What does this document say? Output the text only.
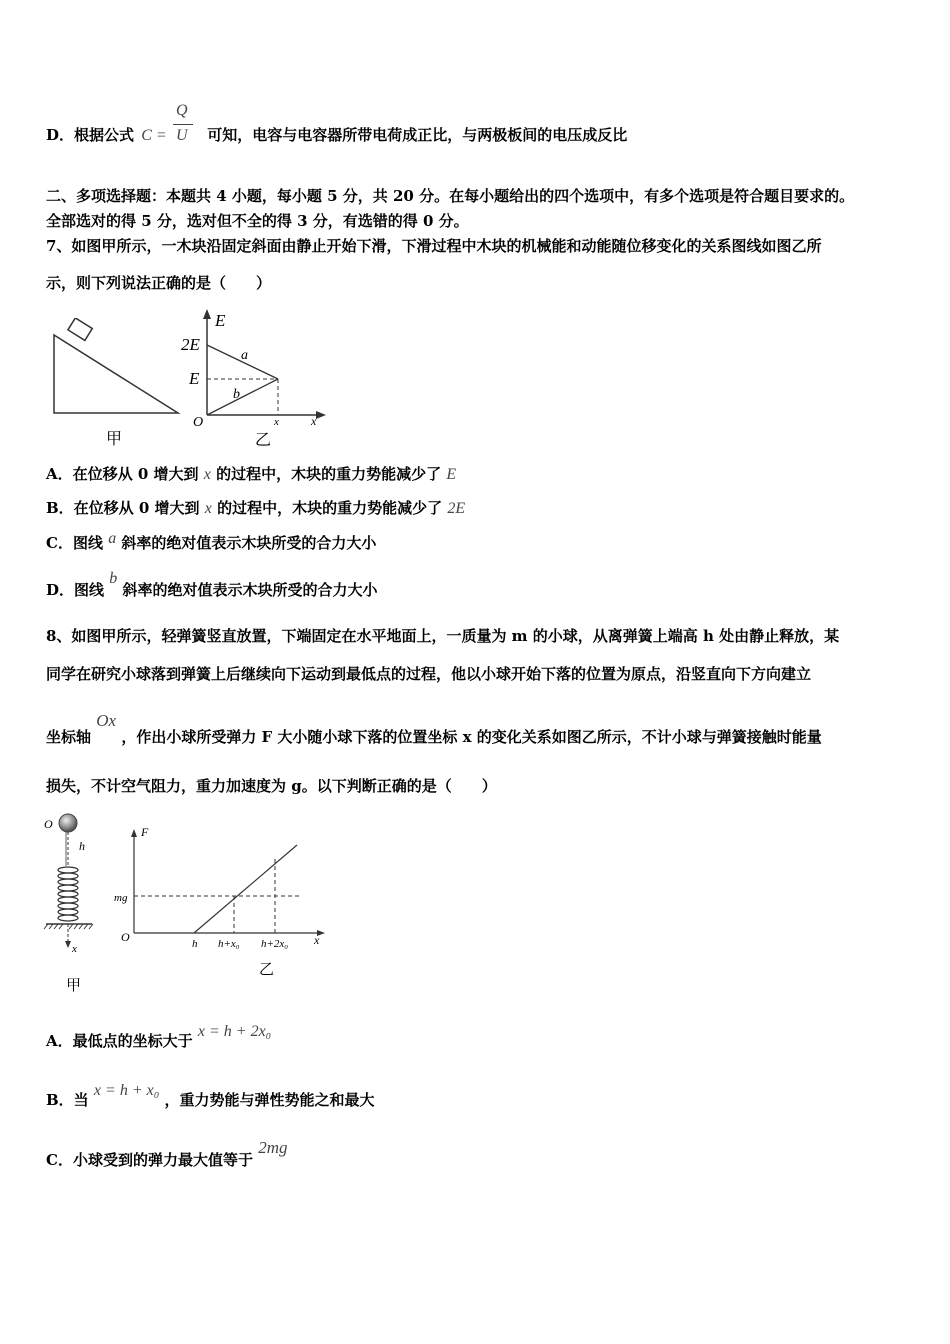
D．根据公式 C =	可知，电容与电容器所带电荷成正比，与两极板间的电压成反比
Q
U
二、多项选择题：本题共 4 小题，每小题 5 分，共 20 分。在每小题给出的四个选项中，有多个选项是符合题目要求的。
全部选对的得 5 分，选对但不全的得 3 分，有选错的得 0 分。
7、如图甲所示，一木块沿固定斜面由静止开始下滑，下滑过程中木块的机械能和动能随位移变化的关系图线如图乙所
示，则下列说法正确的是（　　）
甲
E
2E
E
a
b
O	x	x
乙
A．在位移从 0 增大到 x 的过程中，木块的重力势能减少了 E
B．在位移从 0 增大到 x 的过程中，木块的重力势能减少了 2E
C．图线 a 斜率的绝对值表示木块所受的合力大小
D．图线 b 斜率的绝对值表示木块所受的合力大小
8、如图甲所示，轻弹簧竖直放置，下端固定在水平地面上，一质量为 m 的小球，从离弹簧上端高 h 处由静止释放，某
同学在研究小球落到弹簧上后继续向下运动到最低点的过程，他以小球开始下落的位置为原点，沿竖直向下方向建立
坐标轴 Ox ，作出小球所受弹力 F 大小随小球下落的位置坐标 x 的变化关系如图乙所示，不计小球与弹簧接触时能量
损失，不计空气阻力，重力加速度为 g。以下判断正确的是（　　）
O
h
x
甲
F
mg
O	h h+x₀ h+2x₀ x
乙
A．最低点的坐标大于 x = h + 2x₀
B．当 x = h + x₀ ，重力势能与弹性势能之和最大
C．小球受到的弹力最大值等于 2mg
